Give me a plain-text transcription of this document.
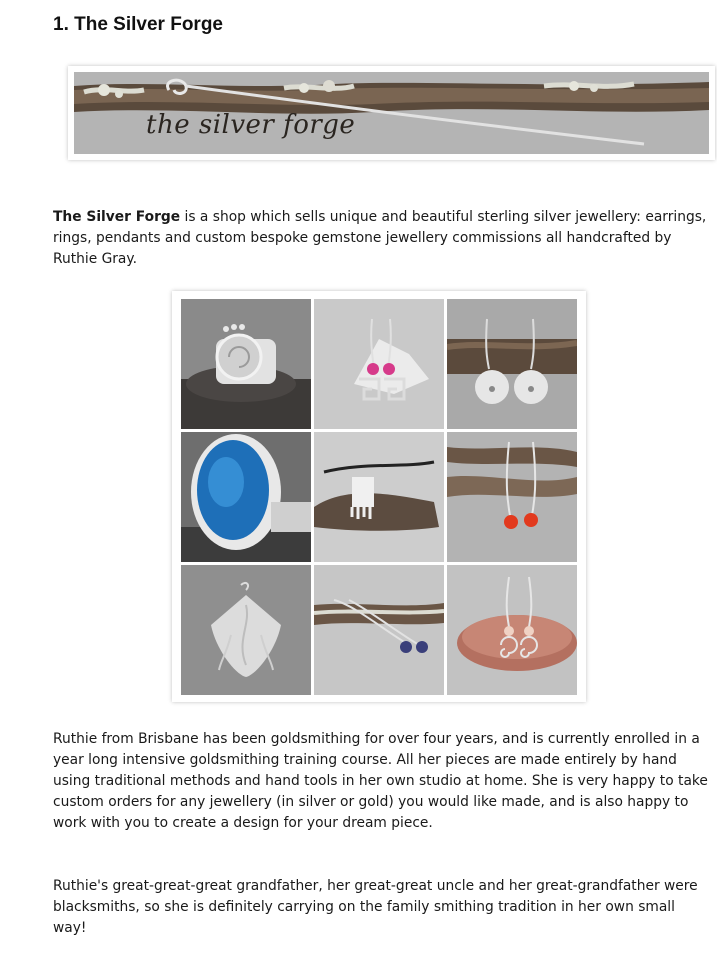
1. The Silver Forge
the silver forge

The Silver Forge is a shop which sells unique and beautiful sterling silver jewellery: earrings, rings, pendants and custom bespoke gemstone jewellery commissions all handcrafted by Ruthie Gray.

Ruthie from Brisbane has been goldsmithing for over four years, and is currently enrolled in a year long intensive goldsmithing training course. All her pieces are made entirely by hand using traditional methods and hand tools in her own studio at home. She is very happy to take custom orders for any jewellery (in silver or gold) you would like made, and is also happy to work with you to create a design for your dream piece.

Ruthie's great-great-great grandfather, her great-great uncle and her great-grandfather were blacksmiths, so she is definitely carrying on the family smithing tradition in her own small way!
